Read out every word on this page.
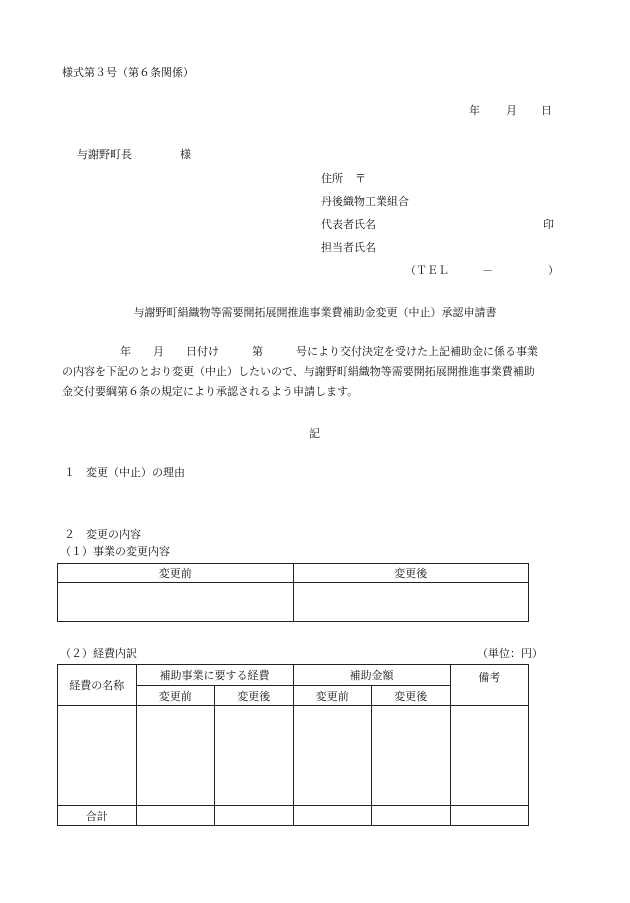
様式第３号（第６条関係）
年 月 日
与謝野町長	様
住所 〒
丹後織物工業組合
代表者氏名	印
担当者氏名
（ＴＥＬ　　　－　　　　　）
与謝野町絹織物等需要開拓展開推進事業費補助金変更（中止）承認申請書
年　　月　　日付け　　　第　　　号により交付決定を受けた上記補助金に係る事業
の内容を下記のとおり変更（中止）したいので、与謝野町絹織物等需要開拓展開推進事業費補助
金交付要綱第６条の規定により承認されるよう申請します。
記
１　変更（中止）の理由
２　変更の内容
（１）事業の変更内容
変更前	変更後

（２）経費内訳	（単位：円）
経費の名称	補助事業に要する経費		補助金額		備考
	変更前	変更後	変更前	変更後	

合計					
